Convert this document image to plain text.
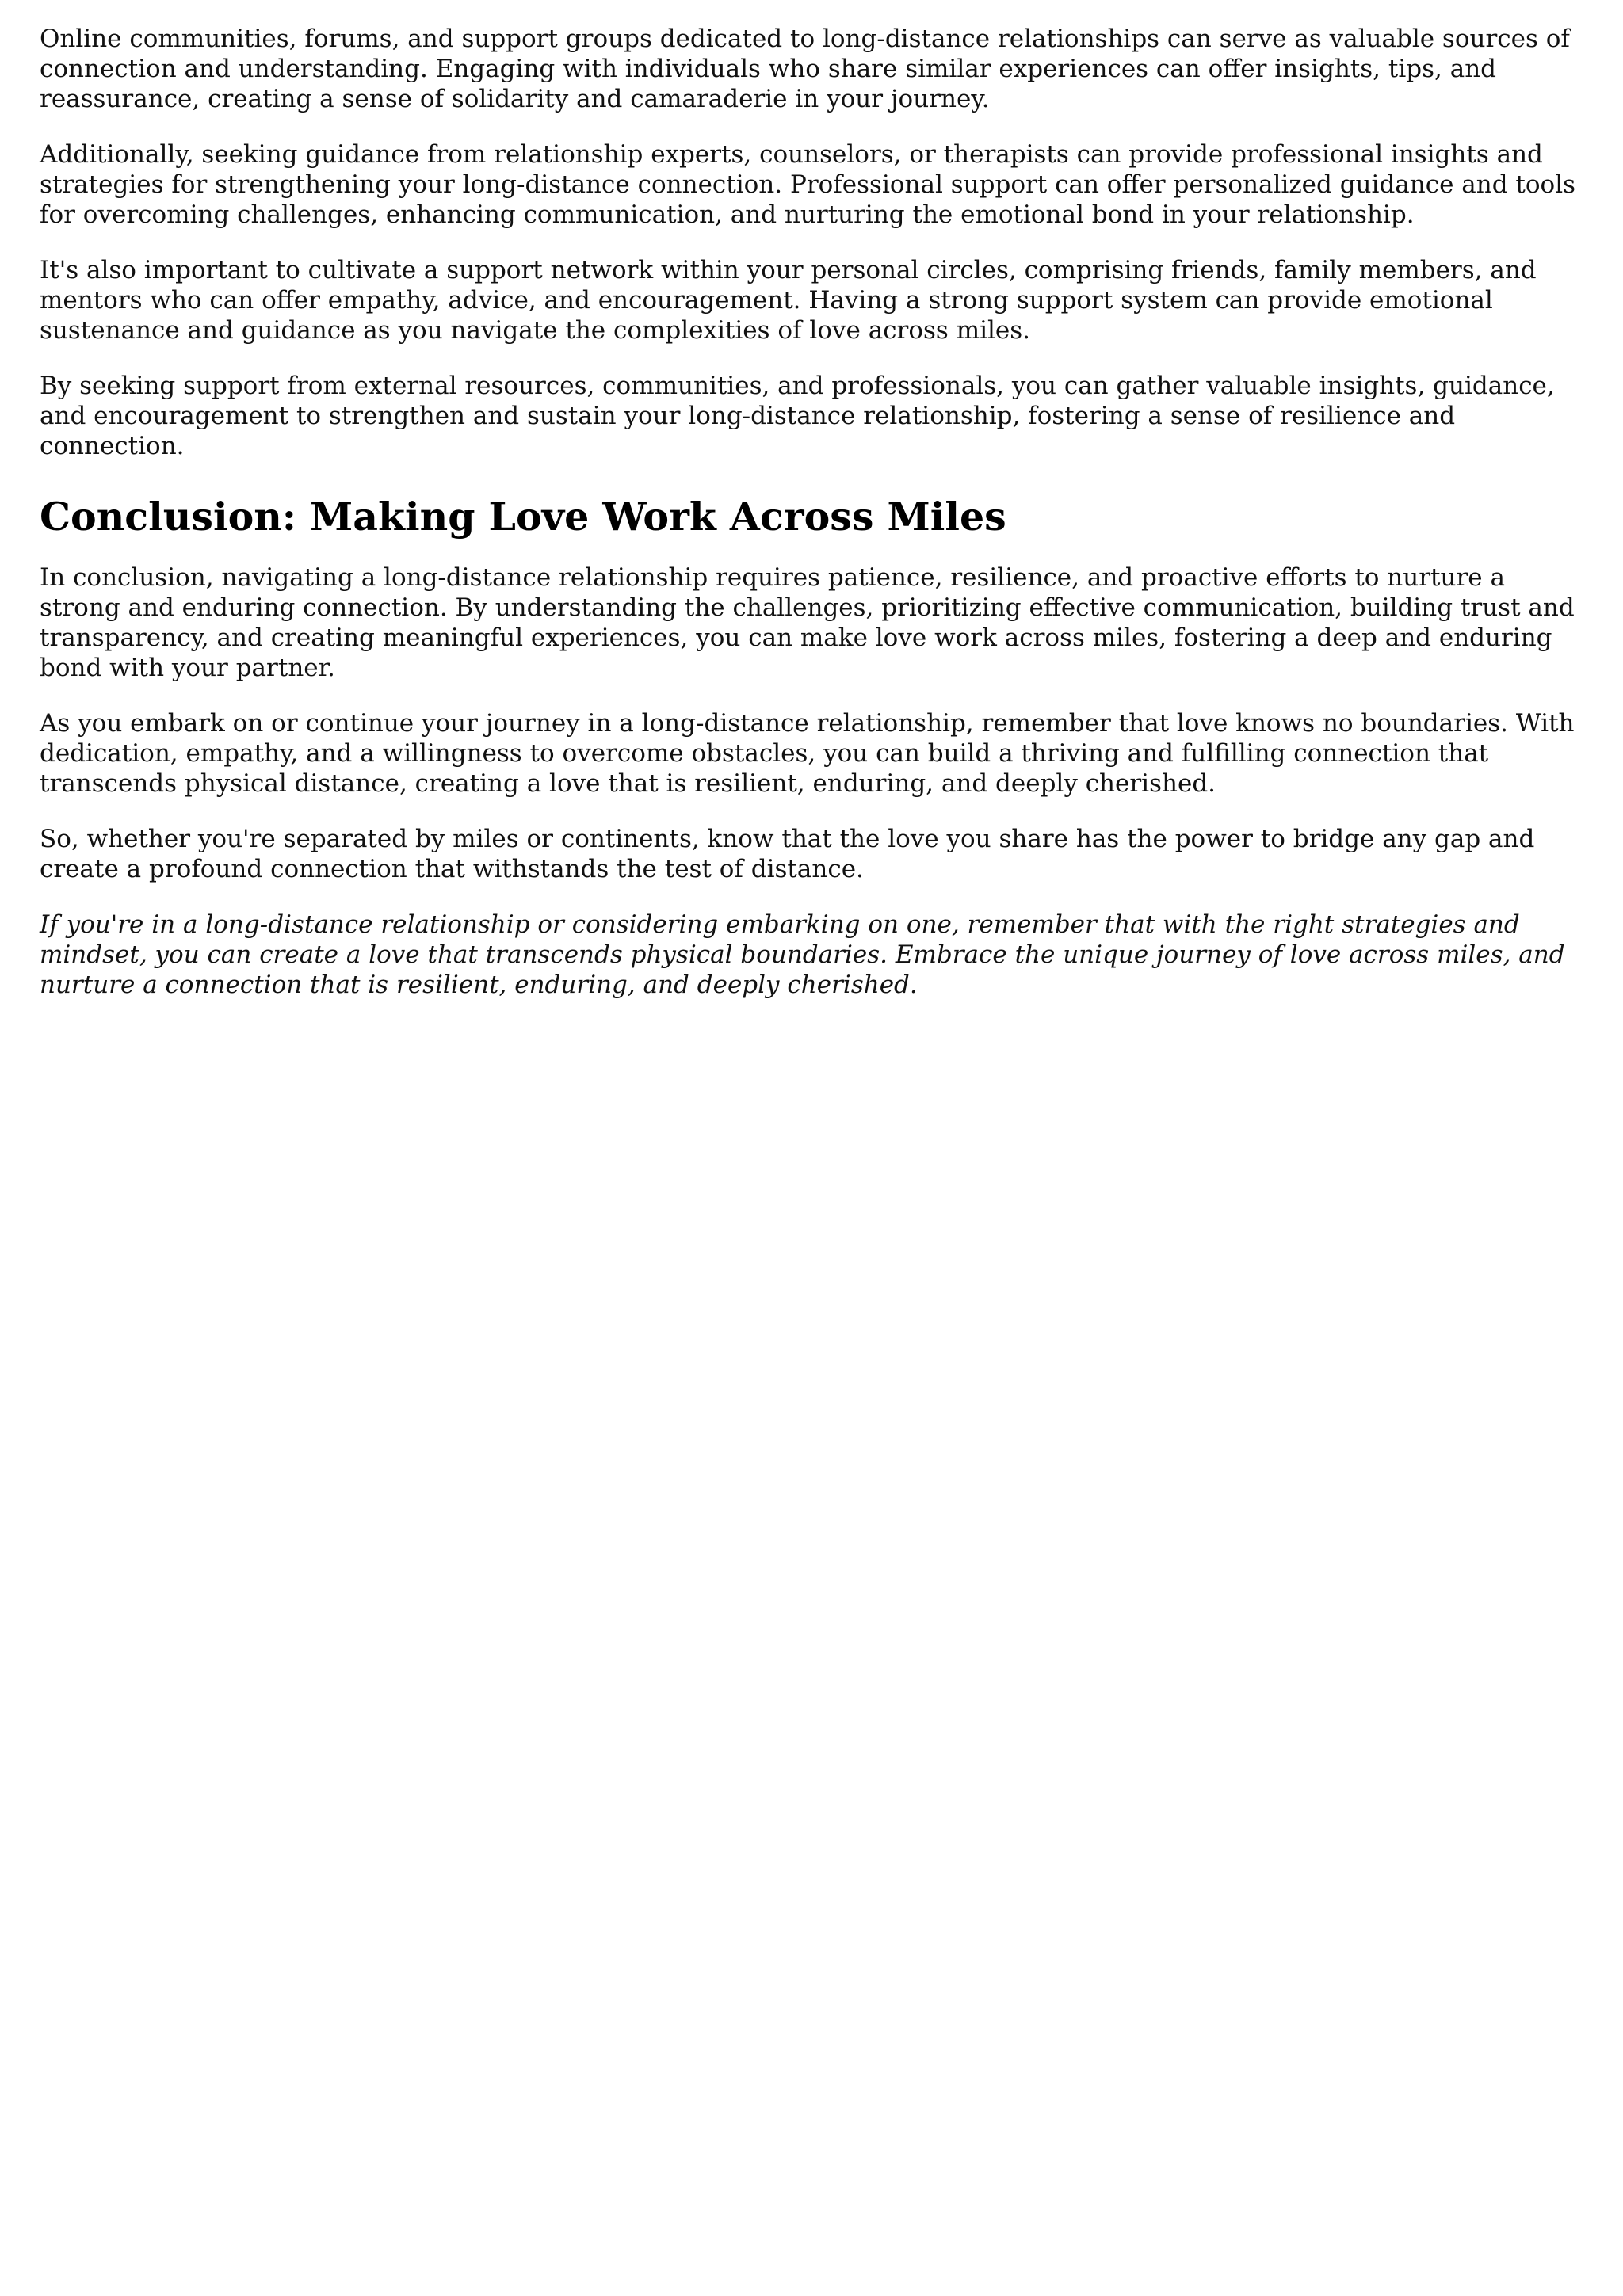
Online communities, forums, and support groups dedicated to long-distance relationships can serve as valuable sources of connection and understanding. Engaging with individuals who share similar experiences can offer insights, tips, and reassurance, creating a sense of solidarity and camaraderie in your journey.

Additionally, seeking guidance from relationship experts, counselors, or therapists can provide professional insights and strategies for strengthening your long-distance connection. Professional support can offer personalized guidance and tools for overcoming challenges, enhancing communication, and nurturing the emotional bond in your relationship.

It's also important to cultivate a support network within your personal circles, comprising friends, family members, and mentors who can offer empathy, advice, and encouragement. Having a strong support system can provide emotional sustenance and guidance as you navigate the complexities of love across miles.

By seeking support from external resources, communities, and professionals, you can gather valuable insights, guidance, and encouragement to strengthen and sustain your long-distance relationship, fostering a sense of resilience and connection.

Conclusion: Making Love Work Across Miles

In conclusion, navigating a long-distance relationship requires patience, resilience, and proactive efforts to nurture a strong and enduring connection. By understanding the challenges, prioritizing effective communication, building trust and transparency, and creating meaningful experiences, you can make love work across miles, fostering a deep and enduring bond with your partner.

As you embark on or continue your journey in a long-distance relationship, remember that love knows no boundaries. With dedication, empathy, and a willingness to overcome obstacles, you can build a thriving and fulfilling connection that transcends physical distance, creating a love that is resilient, enduring, and deeply cherished.

So, whether you're separated by miles or continents, know that the love you share has the power to bridge any gap and create a profound connection that withstands the test of distance.

If you're in a long-distance relationship or considering embarking on one, remember that with the right strategies and mindset, you can create a love that transcends physical boundaries. Embrace the unique journey of love across miles, and nurture a connection that is resilient, enduring, and deeply cherished.
